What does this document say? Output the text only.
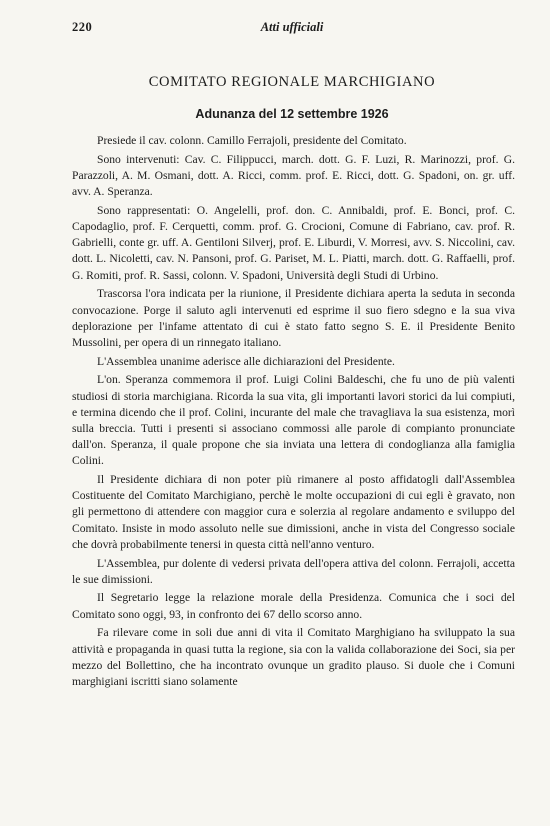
220	Atti ufficiali
COMITATO REGIONALE MARCHIGIANO
Adunanza del 12 settembre 1926

Presiede il cav. colonn. Camillo Ferrajoli, presidente del Comitato.

Sono intervenuti: Cav. C. Filippucci, march. dott. G. F. Luzi, R. Marinozzi, prof. G. Parazzoli, A. M. Osmani, dott. A. Ricci, comm. prof. E. Ricci, dott. G. Spadoni, on. gr. uff. avv. A. Speranza.

Sono rappresentati: O. Angelelli, prof. don. C. Annibaldi, prof. E. Bonci, prof. C. Capodaglio, prof. F. Cerquetti, comm. prof. G. Crocioni, Comune di Fabriano, cav. prof. R. Gabrielli, conte gr. uff. A. Gentiloni Silverj, prof. E. Liburdi, V. Morresi, avv. S. Niccolini, cav. dott. L. Nicoletti, cav. N. Pansoni, prof. G. Pariset, M. L. Piatti, march. dott. G. Raffaelli, prof. G. Romiti, prof. R. Sassi, colonn. V. Spadoni, Università degli Studi di Urbino.

Trascorsa l'ora indicata per la riunione, il Presidente dichiara aperta la seduta in seconda convocazione. Porge il saluto agli intervenuti ed esprime il suo fiero sdegno e la sua viva deplorazione per l'infame attentato di cui è stato fatto segno S. E. il Presidente Benito Mussolini, per opera di un rinnegato italiano.

L'Assemblea unanime aderisce alle dichiarazioni del Presidente.

L'on. Speranza commemora il prof. Luigi Colini Baldeschi, che fu uno de più valenti studiosi di storia marchigiana. Ricorda la sua vita, gli importanti lavori storici da lui compiuti, e termina dicendo che il prof. Colini, incurante del male che travagliava la sua esistenza, morì sulla breccia. Tutti i presenti si associano commossi alle parole di compianto pronunciate dall'on. Speranza, il quale propone che sia inviata una lettera di condoglianza alla famiglia Colini.

Il Presidente dichiara di non poter più rimanere al posto affidatogli dall'Assemblea Costituente del Comitato Marchigiano, perchè le molte occupazioni di cui egli è gravato, non gli permettono di attendere con maggior cura e solerzia al regolare andamento e sviluppo del Comitato. Insiste in modo assoluto nelle sue dimissioni, anche in vista del Congresso sociale che dovrà probabilmente tenersi in questa città nell'anno venturo.

L'Assemblea, pur dolente di vedersi privata dell'opera attiva del colonn. Ferrajoli, accetta le sue dimissioni.

Il Segretario legge la relazione morale della Presidenza. Comunica che i soci del Comitato sono oggi, 93, in confronto dei 67 dello scorso anno.

Fa rilevare come in soli due anni di vita il Comitato Marghigiano ha sviluppato la sua attività e propaganda in quasi tutta la regione, sia con la valida collaborazione dei Soci, sia per mezzo del Bollettino, che ha incontrato ovunque un gradito plauso. Si duole che i Comuni marghigiani iscritti siano solamente
